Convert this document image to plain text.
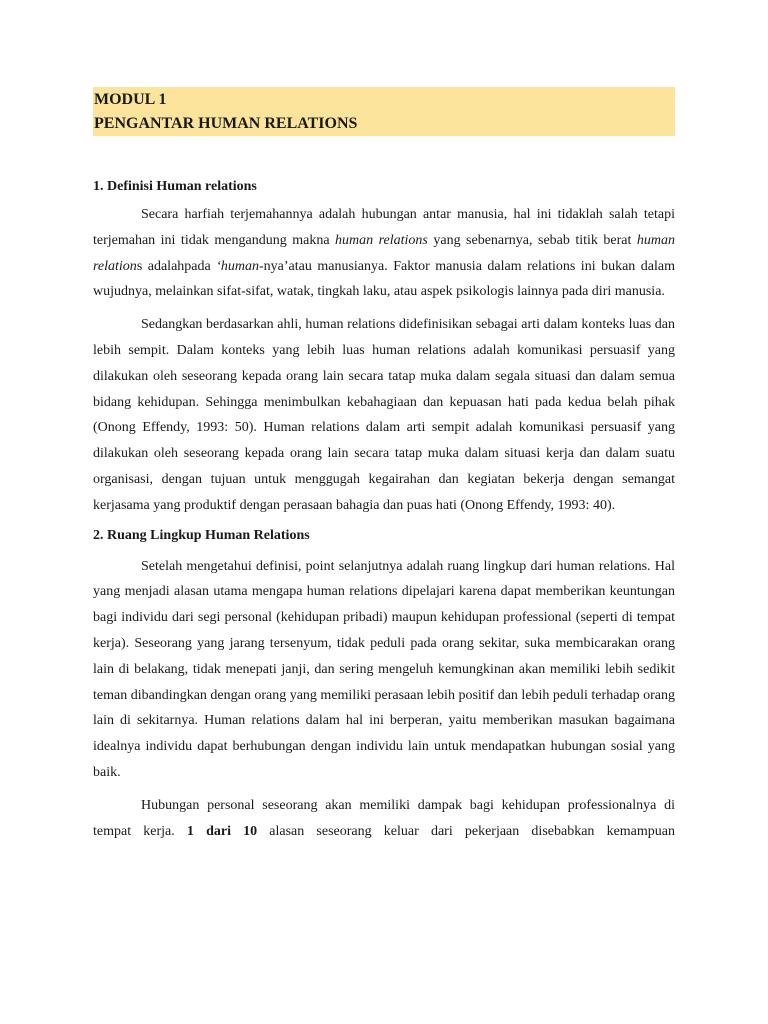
MODUL 1

PENGANTAR HUMAN RELATIONS

1. Definisi Human relations

Secara harfiah terjemahannya adalah hubungan antar manusia, hal ini tidaklah salah tetapi terjemahan ini tidak mengandung makna human relations yang sebenarnya, sebab titik berat human relations adalahpada ‘human-nya’atau manusianya. Faktor manusia dalam relations ini bukan dalam wujudnya, melainkan sifat-sifat, watak, tingkah laku, atau aspek psikologis lainnya pada diri manusia.

Sedangkan berdasarkan ahli, human relations didefinisikan sebagai arti dalam konteks luas dan lebih sempit. Dalam konteks yang lebih luas human relations adalah komunikasi persuasif yang dilakukan oleh seseorang kepada orang lain secara tatap muka dalam segala situasi dan dalam semua bidang kehidupan. Sehingga menimbulkan kebahagiaan dan kepuasan hati pada kedua belah pihak (Onong Effendy, 1993: 50). Human relations dalam arti sempit adalah komunikasi persuasif yang dilakukan oleh seseorang kepada orang lain secara tatap muka dalam situasi kerja dan dalam suatu organisasi, dengan tujuan untuk menggugah kegairahan dan kegiatan bekerja dengan semangat kerjasama yang produktif dengan perasaan bahagia dan puas hati (Onong Effendy, 1993: 40).

2. Ruang Lingkup Human Relations

Setelah mengetahui definisi, point selanjutnya adalah ruang lingkup dari human relations. Hal yang menjadi alasan utama mengapa human relations dipelajari karena dapat memberikan keuntungan bagi individu dari segi personal (kehidupan pribadi) maupun kehidupan professional (seperti di tempat kerja). Seseorang yang jarang tersenyum, tidak peduli pada orang sekitar, suka membicarakan orang lain di belakang, tidak menepati janji, dan sering mengeluh kemungkinan akan memiliki lebih sedikit teman dibandingkan dengan orang yang memiliki perasaan lebih positif dan lebih peduli terhadap orang lain di sekitarnya. Human relations dalam hal ini berperan, yaitu memberikan masukan bagaimana idealnya individu dapat berhubungan dengan individu lain untuk mendapatkan hubungan sosial yang baik.

Hubungan personal seseorang akan memiliki dampak bagi kehidupan professionalnya di tempat kerja. 1 dari 10 alasan seseorang keluar dari pekerjaan disebabkan kemampuan
